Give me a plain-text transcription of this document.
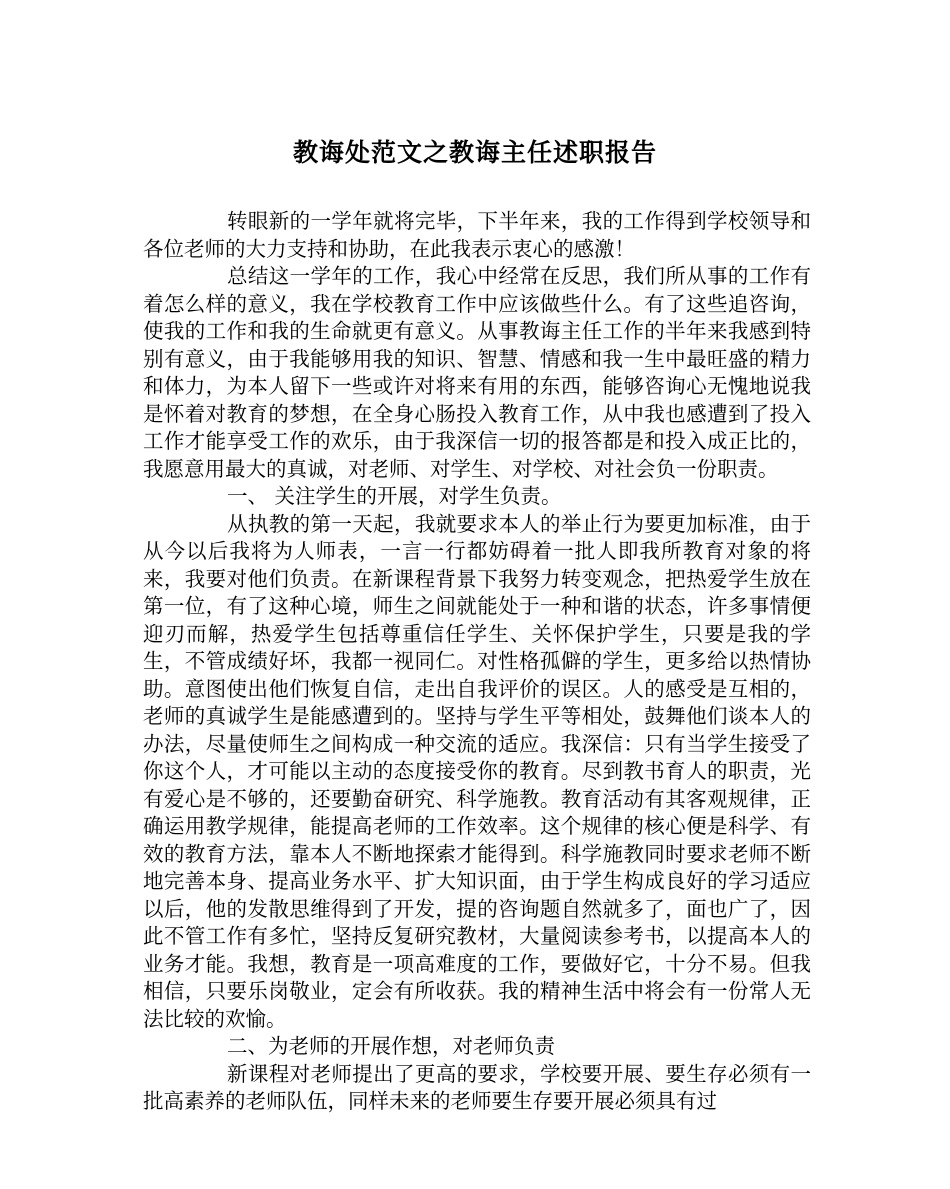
教诲处范文之教诲主任述职报告

转眼新的一学年就将完毕，下半年来，我的工作得到学校领导和各位老师的大力支持和协助，在此我表示衷心的感激！

总结这一学年的工作，我心中经常在反思，我们所从事的工作有着怎么样的意义，我在学校教育工作中应该做些什么。有了这些追咨询，使我的工作和我的生命就更有意义。从事教诲主任工作的半年来我感到特别有意义，由于我能够用我的知识、智慧、情感和我一生中最旺盛的精力和体力，为本人留下一些或许对将来有用的东西，能够咨询心无愧地说我是怀着对教育的梦想，在全身心肠投入教育工作，从中我也感遭到了投入工作才能享受工作的欢乐，由于我深信一切的报答都是和投入成正比的，我愿意用最大的真诚，对老师、对学生、对学校、对社会负一份职责。

一、 关注学生的开展，对学生负责。

从执教的第一天起，我就要求本人的举止行为要更加标准，由于从今以后我将为人师表，一言一行都妨碍着一批人即我所教育对象的将来，我要对他们负责。在新课程背景下我努力转变观念，把热爱学生放在第一位，有了这种心境，师生之间就能处于一种和谐的状态，许多事情便迎刃而解，热爱学生包括尊重信任学生、关怀保护学生，只要是我的学生，不管成绩好坏，我都一视同仁。对性格孤僻的学生，更多给以热情协助。意图使出他们恢复自信，走出自我评价的误区。人的感受是互相的，老师的真诚学生是能感遭到的。坚持与学生平等相处，鼓舞他们谈本人的办法，尽量使师生之间构成一种交流的适应。我深信：只有当学生接受了你这个人，才可能以主动的态度接受你的教育。尽到教书育人的职责，光有爱心是不够的，还要勤奋研究、科学施教。教育活动有其客观规律，正确运用教学规律，能提高老师的工作效率。这个规律的核心便是科学、有效的教育方法，靠本人不断地探索才能得到。科学施教同时要求老师不断地完善本身、提高业务水平、扩大知识面，由于学生构成良好的学习适应以后，他的发散思维得到了开发，提的咨询题自然就多了，面也广了，因此不管工作有多忙，坚持反复研究教材，大量阅读参考书，以提高本人的业务才能。我想，教育是一项高难度的工作，要做好它，十分不易。但我相信，只要乐岗敬业，定会有所收获。我的精神生活中将会有一份常人无法比较的欢愉。

二、为老师的开展作想，对老师负责

新课程对老师提出了更高的要求，学校要开展、要生存必须有一批高素养的老师队伍，同样未来的老师要生存要开展必须具有过
